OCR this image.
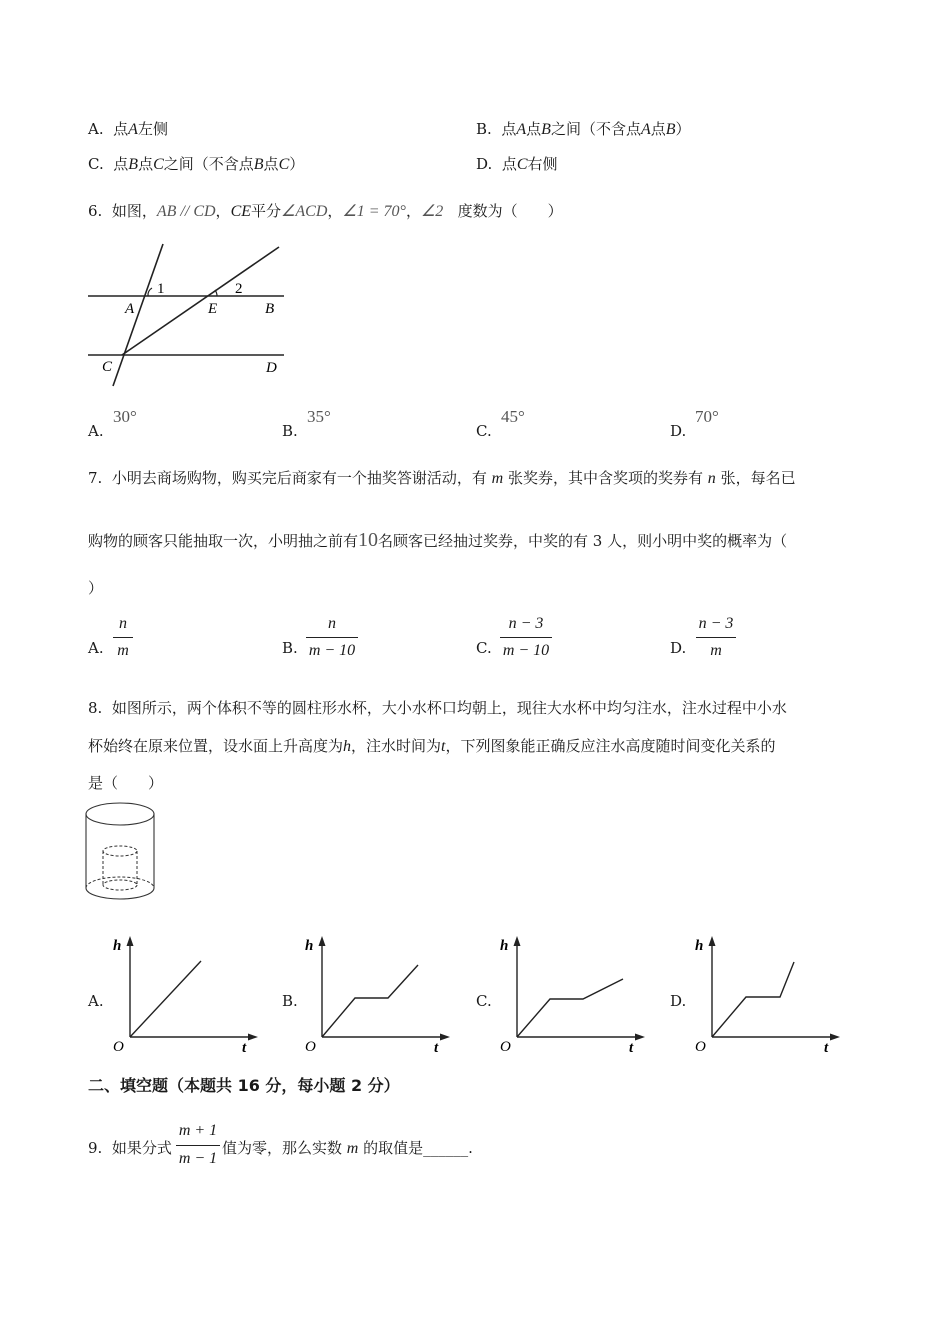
A. 点A左侧	B. 点A点B之间（不含点A点B）
C. 点B点C之间（不含点B点C）	D. 点C右侧
6. 如图，AB // CD，CE平分∠ACD，∠1 = 70°，∠2 度数为（　　）
1	2
A	E	B
C	D
A.
30°
B.
35°
C.
45°
D.
70°
7. 小明去商场购物，购买完后商家有一个抽奖答谢活动，有 m 张奖券，其中含奖项的奖券有 n 张，每名已
购物的顾客只能抽取一次，小明抽之前有10名顾客已经抽过奖券，中奖的有 3 人，则小明中奖的概率为（
）
A.
n
m	B.
n
m − 10	C.
n − 3
m − 10	D.
n − 3
m
8. 如图所示，两个体积不等的圆柱形水杯，大小水杯口均朝上，现往大水杯中均匀注水，注水过程中小水
杯始终在原来位置，设水面上升高度为h，注水时间为t，下列图象能正确反应注水高度随时间变化关系的
是（　　）
A.
h
t
O
B.
h
t
O
C.
h
t
O
D.
h
t
O
二、填空题（本题共 16 分，每小题 2 分）
9. 如果分式
m + 1
m − 1
值为零，那么实数 m 的取值是______.
